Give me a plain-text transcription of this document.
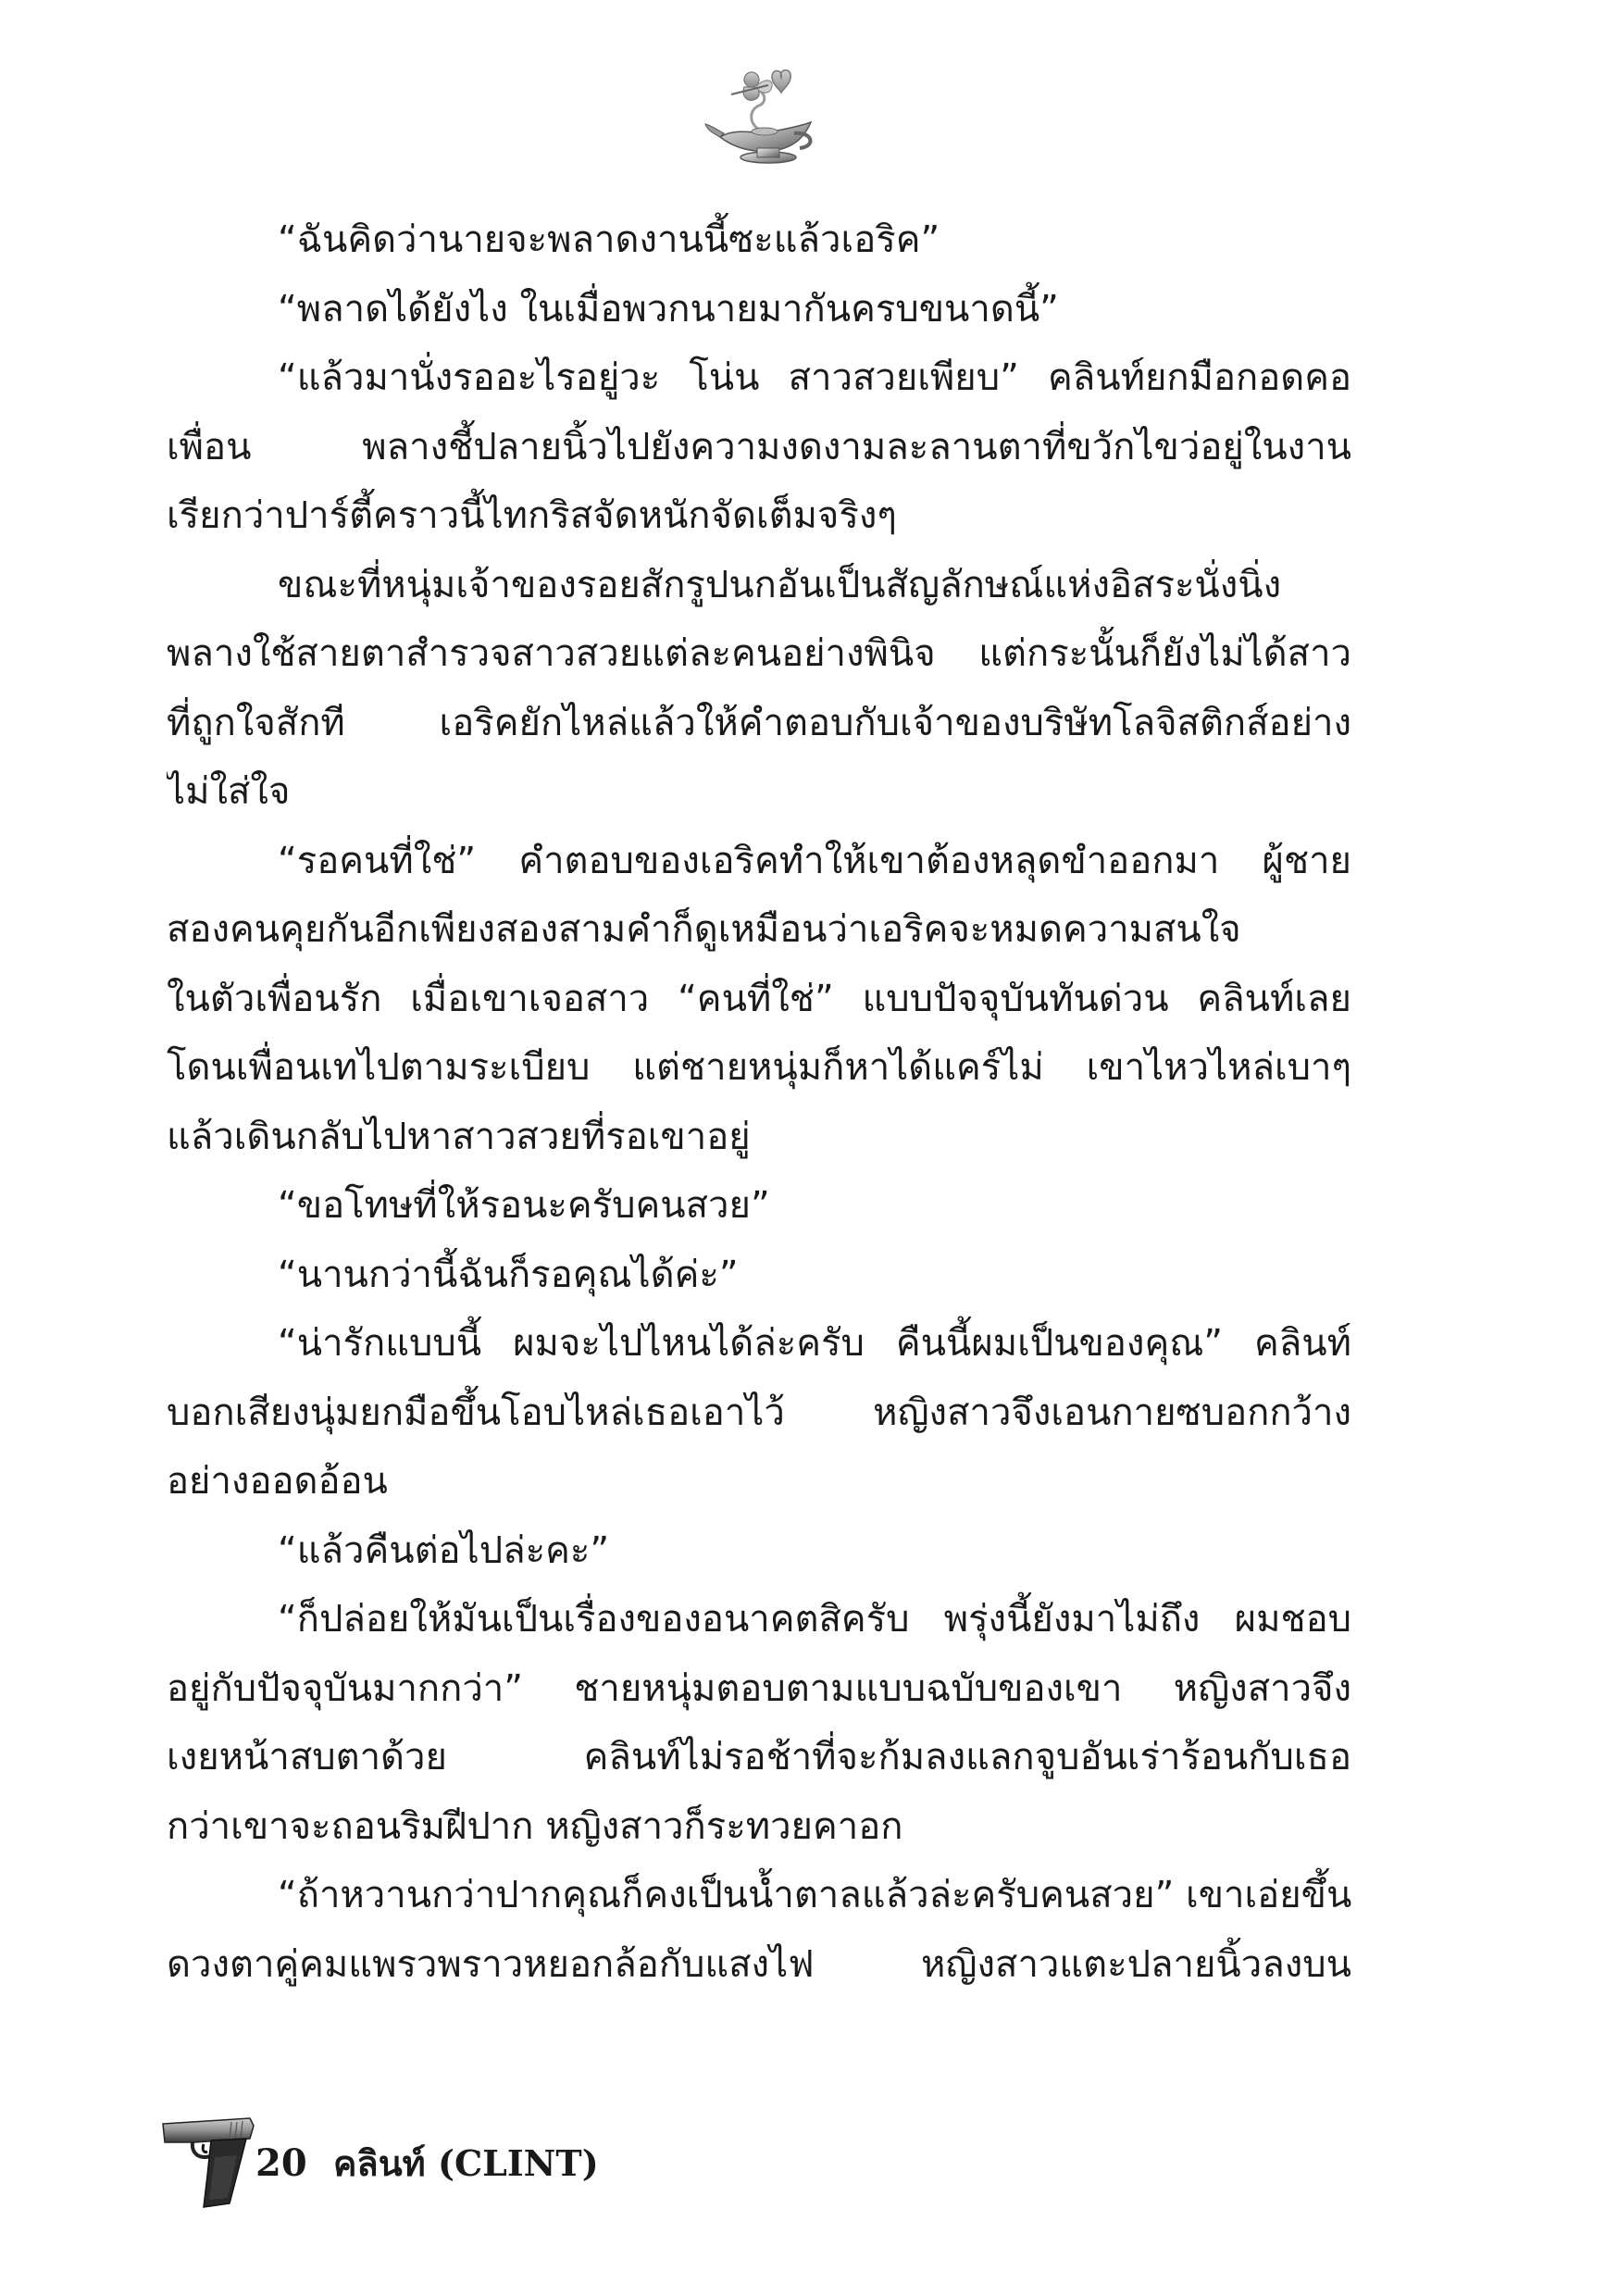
“ฉันคิดว่านายจะพลาดงานนี้ซะแล้วเอริค”
“พลาดได้ยังไง ในเมื่อพวกนายมากันครบขนาดนี้”
“แล้วมานั่งรออะไรอยู่วะ โน่น สาวสวยเพียบ” คลินท์ยกมือกอดคอ
เพื่อน พลางชี้ปลายนิ้วไปยังความงดงามละลานตาที่ขวักไขว่อยู่ในงาน
เรียกว่าปาร์ตี้คราวนี้ไทกริสจัดหนักจัดเต็มจริงๆ
ขณะที่หนุ่มเจ้าของรอยสักรูปนกอันเป็นสัญลักษณ์แห่งอิสระนั่งนิ่ง
พลางใช้สายตาสำรวจสาวสวยแต่ละคนอย่างพินิจ แต่กระนั้นก็ยังไม่ได้สาว
ที่ถูกใจสักที เอริคยักไหล่แล้วให้คำตอบกับเจ้าของบริษัทโลจิสติกส์อย่าง
ไม่ใส่ใจ
“รอคนที่ใช่” คำตอบของเอริคทำให้เขาต้องหลุดขำออกมา ผู้ชาย
สองคนคุยกันอีกเพียงสองสามคำก็ดูเหมือนว่าเอริคจะหมดความสนใจ
ในตัวเพื่อนรัก เมื่อเขาเจอสาว “คนที่ใช่” แบบปัจจุบันทันด่วน คลินท์เลย
โดนเพื่อนเทไปตามระเบียบ แต่ชายหนุ่มก็หาได้แคร์ไม่ เขาไหวไหล่เบาๆ
แล้วเดินกลับไปหาสาวสวยที่รอเขาอยู่
“ขอโทษที่ให้รอนะครับคนสวย”
“นานกว่านี้ฉันก็รอคุณได้ค่ะ”
“น่ารักแบบนี้ ผมจะไปไหนได้ล่ะครับ คืนนี้ผมเป็นของคุณ” คลินท์
บอกเสียงนุ่มยกมือขึ้นโอบไหล่เธอเอาไว้ หญิงสาวจึงเอนกายซบอกกว้าง
อย่างออดอ้อน
“แล้วคืนต่อไปล่ะคะ”
“ก็ปล่อยให้มันเป็นเรื่องของอนาคตสิครับ พรุ่งนี้ยังมาไม่ถึง ผมชอบ
อยู่กับปัจจุบันมากกว่า” ชายหนุ่มตอบตามแบบฉบับของเขา หญิงสาวจึง
เงยหน้าสบตาด้วย คลินท์ไม่รอช้าที่จะก้มลงแลกจูบอันเร่าร้อนกับเธอ
กว่าเขาจะถอนริมฝีปาก หญิงสาวก็ระทวยคาอก
“ถ้าหวานกว่าปากคุณก็คงเป็นน้ำตาลแล้วล่ะครับคนสวย” เขาเอ่ยขึ้น
ดวงตาคู่คมแพรวพราวหยอกล้อกับแสงไฟ หญิงสาวแตะปลายนิ้วลงบน
20 คลินท์ (CLINT)
